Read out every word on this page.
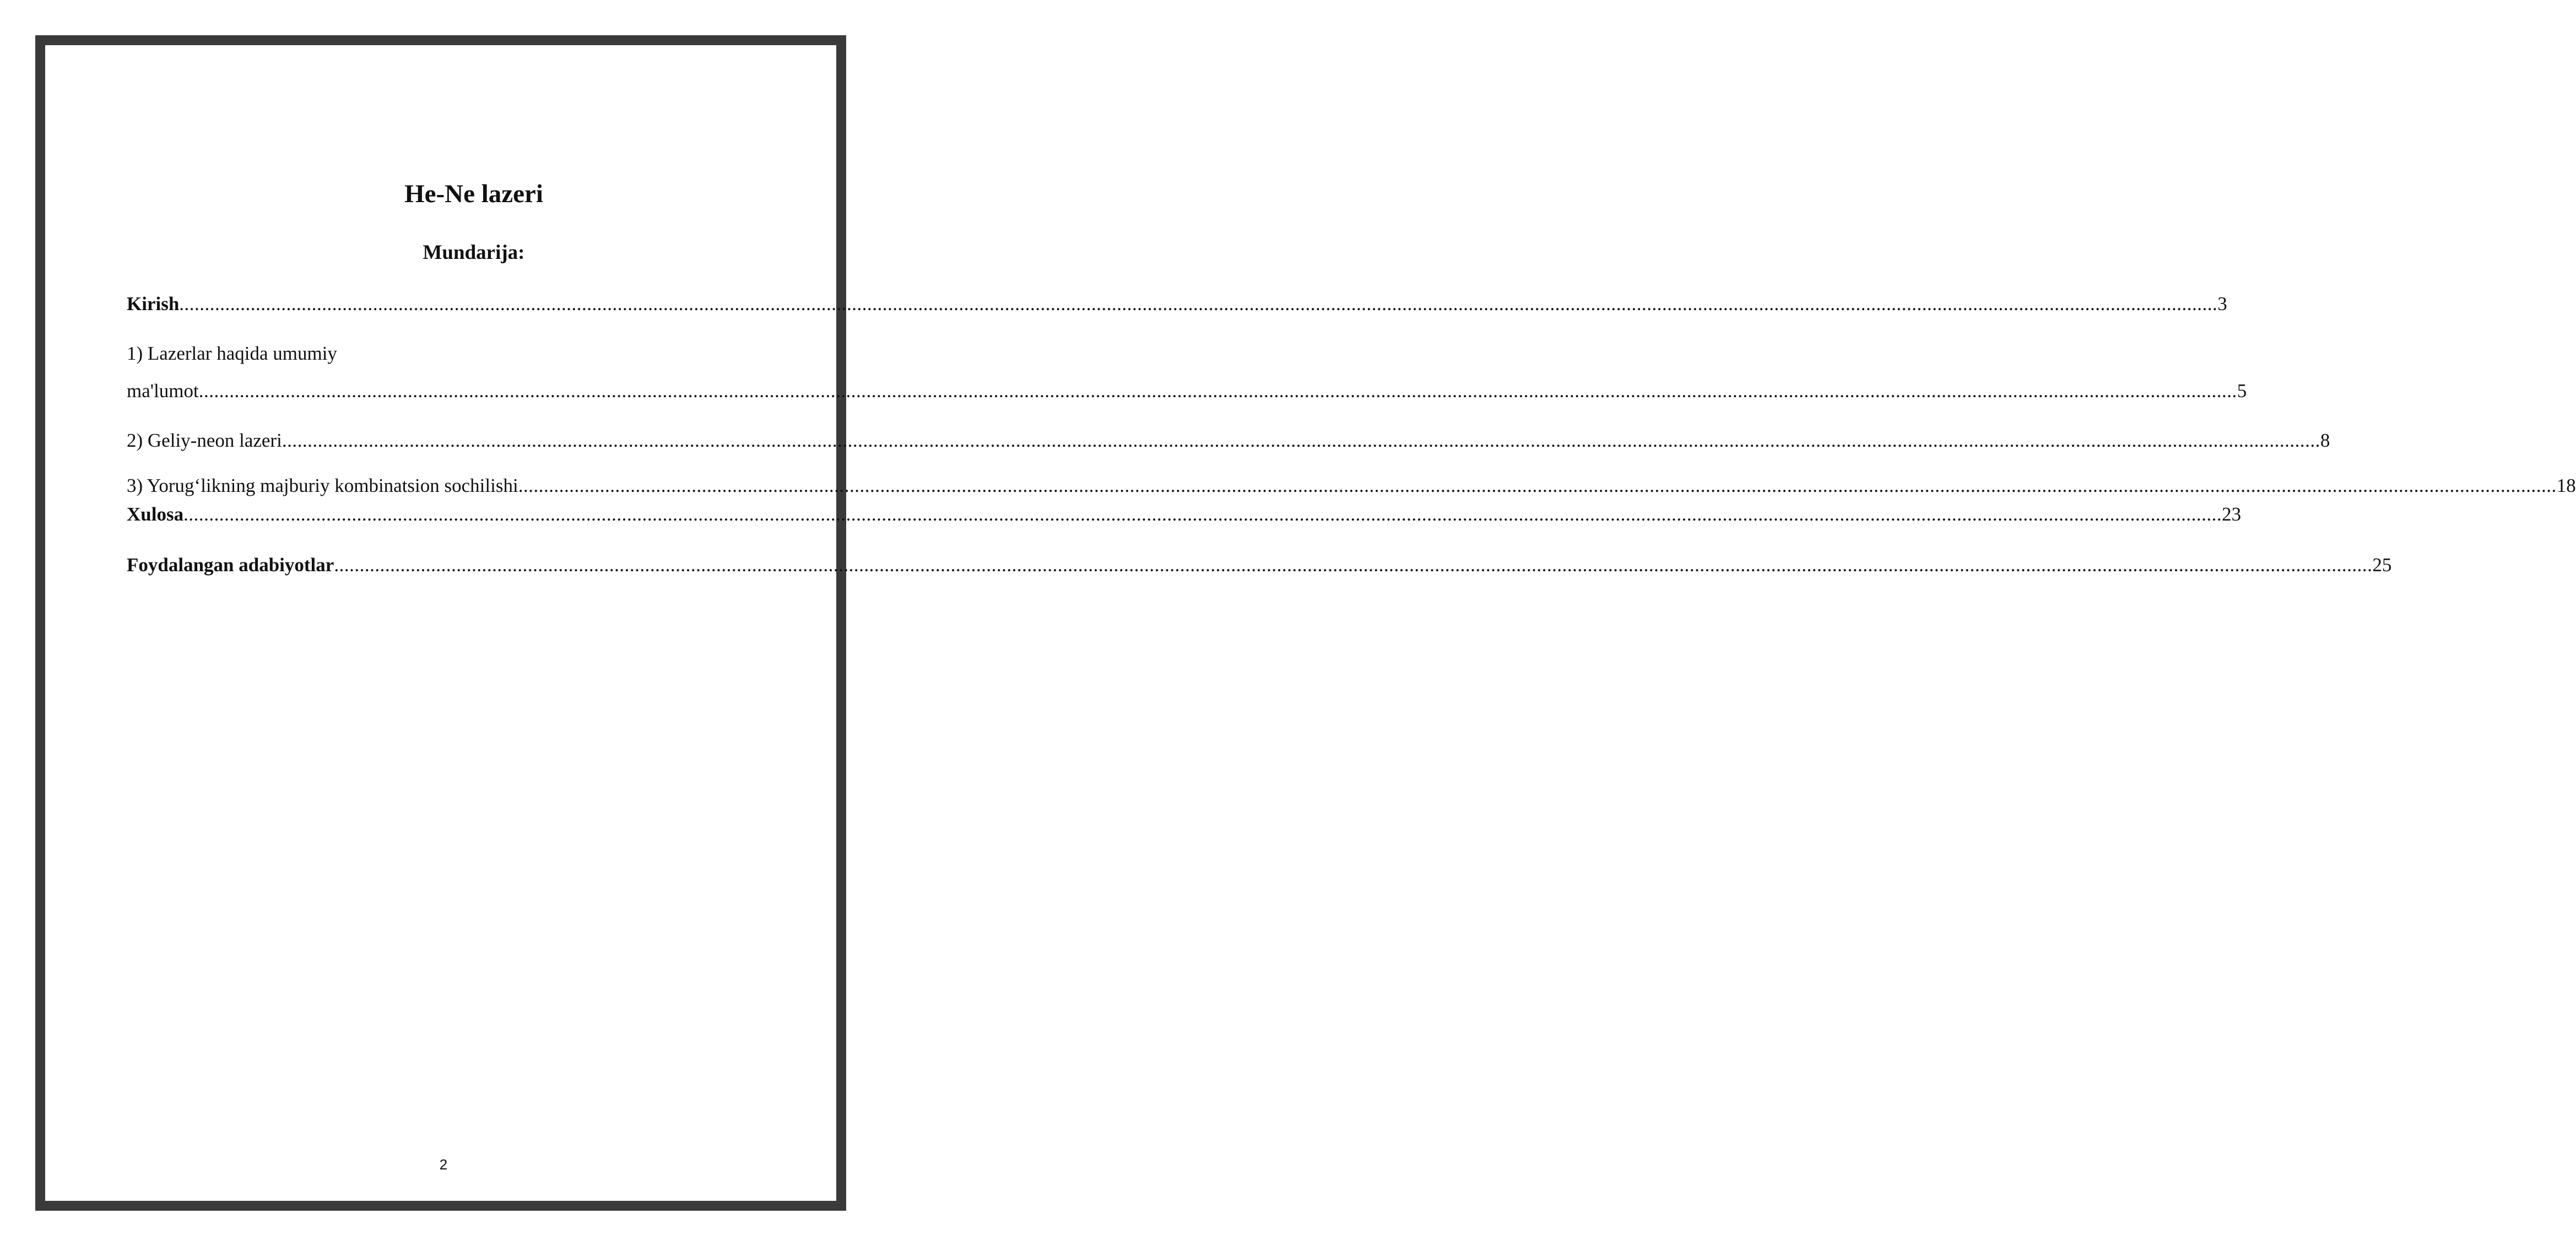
He-Ne lazeri
Mundarija:
Kirish ................................................................................................................................................................................................................................................................................................................................................................................................................ 3
1) Lazerlar haqida umumiy
ma'lumot ................................................................................................................................................................................................................................................................................................................................................................................................................ 5
2) Geliy-neon lazeri ................................................................................................................................................................................................................................................................................................................................................................................................................ 8
3) Yorug‘likning majburiy kombinatsion sochilishi ................................................................................................................................................................................................................................................................................................................................................................................................................ 18
Xulosa ................................................................................................................................................................................................................................................................................................................................................................................................................ 23
Foydalangan adabiyotlar ................................................................................................................................................................................................................................................................................................................................................................................................................ 25
2
